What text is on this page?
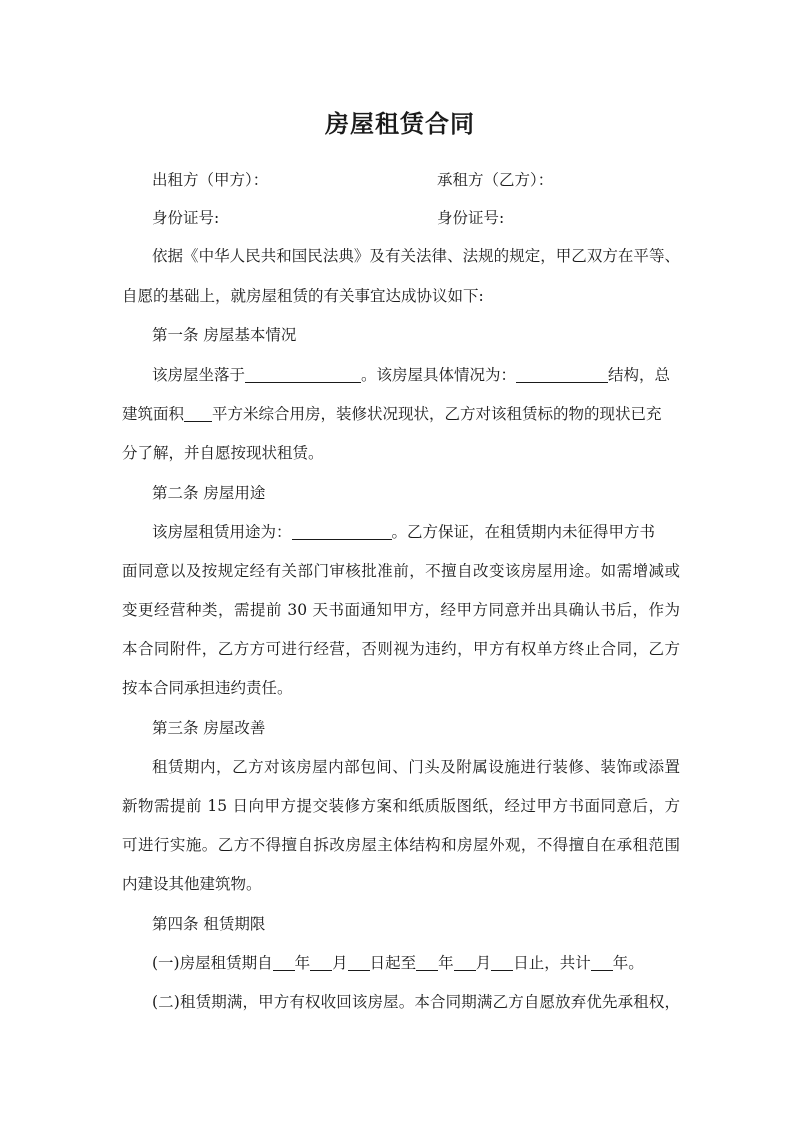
房屋租赁合同
出租方（甲方）：	承租方（乙方）：
身份证号:	身份证号:
依据《中华人民共和国民法典》及有关法律、法规的规定，甲乙双方在平等、
自愿的基础上，就房屋租赁的有关事宜达成协议如下:
第一条 房屋基本情况
该房屋坐落于	。该房屋具体情况为：	结构，总
建筑面积 平方米综合用房，装修状况现状，乙方对该租赁标的物的现状已充
分了解，并自愿按现状租赁。
第二条 房屋用途
该房屋租赁用途为：	。乙方保证，在租赁期内未征得甲方书
面同意以及按规定经有关部门审核批准前，不擅自改变该房屋用途。如需增减或
变更经营种类，需提前 30 天书面通知甲方，经甲方同意并出具确认书后，作为
本合同附件，乙方方可进行经营，否则视为违约，甲方有权单方终止合同，乙方
按本合同承担违约责任。
第三条 房屋改善
租赁期内，乙方对该房屋内部包间、门头及附属设施进行装修、装饰或添置
新物需提前 15 日向甲方提交装修方案和纸质版图纸，经过甲方书面同意后，方
可进行实施。乙方不得擅自拆改房屋主体结构和房屋外观，不得擅自在承租范围
内建设其他建筑物。
第四条 租赁期限
(一)房屋租赁期自 年 月 日起至 年 月 日止，共计 年。
(二)租赁期满，甲方有权收回该房屋。本合同期满乙方自愿放弃优先承租权，
